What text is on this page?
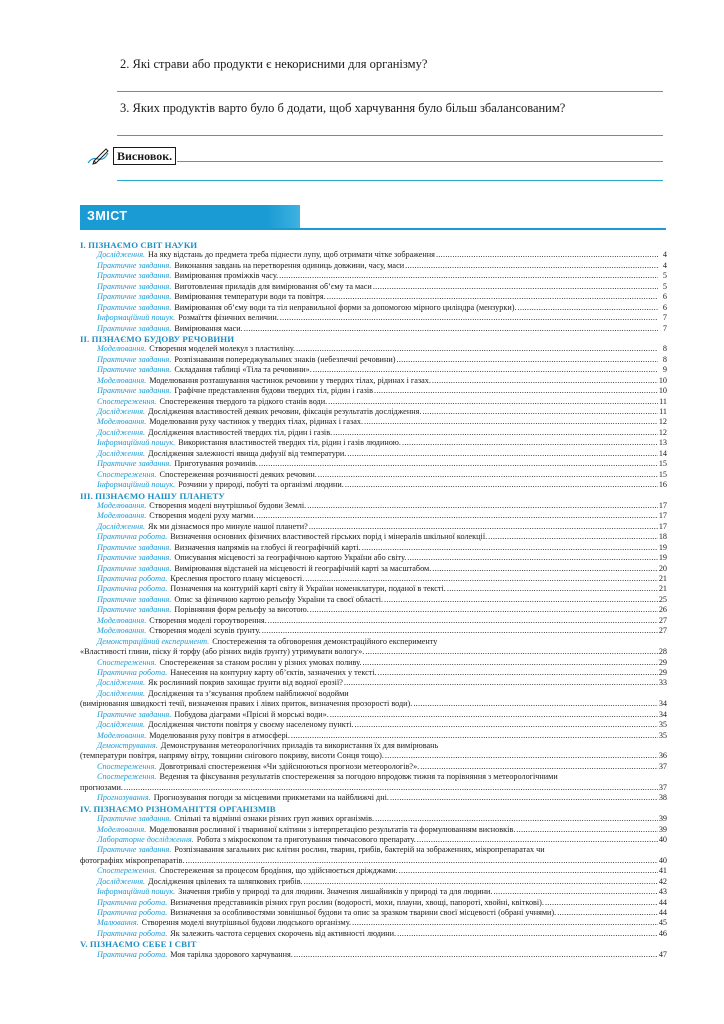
2. Які страви або продукти є некорисними для організму?
3. Яких продуктів варто було б додати, щоб харчування було більш збалансованим?
Висновок.
ЗМІСТ
I. ПІЗНАЄМО СВІТ НАУКИ
Дослідження. На яку відстань до предмета треба піднести лупу, щоб отримати чітке зображення .....	4
Практичне завдання. Виконання завдань на перетворення одиниць довжини, часу, маси .....	4
Практичне завдання. Вимірювання проміжків часу. .....	5
Практичне завдання. Виготовлення приладів для вимірювання об’єму та маси .....	5
Практичне завдання. Вимірювання температури води та повітря. .....	6
Практичне завдання. Вимірювання об’єму води та тіл неправильної форми за допомогою мірного циліндра (мензурки). .....	6
Інформаційний пошук. Розмаїття фізичних величин. .....	7
Практичне завдання. Вимірювання маси. .....	7
II. ПІЗНАЄМО БУДОВУ РЕЧОВИНИ
Моделювання. Створення моделей молекул з пластиліну. .....	8
Практичне завдання. Розпізнавання попереджувальних знаків (небезпечні речовини) .....	8
Практичне завдання. Складання таблиці «Тіла та речовини». .....	9
Моделювання. Моделювання розташування частинок речовини у твердих тілах, рідинах і газах. .....	10
Практичне завдання. Графічне представлення будови твердих тіл, рідин і газів .....	10
Спостереження. Спостереження твердого та рідкого станів води. .....	11
Дослідження. Дослідження властивостей деяких речовин, фіксація результатів дослідження. .....	11
Моделювання. Моделювання руху частинок у твердих тілах, рідинах і газах. .....	12
Дослідження. Дослідження властивостей твердих тіл, рідин і газів. .....	12
Інформаційний пошук. Використання властивостей твердих тіл, рідин і газів людиною. .....	13
Дослідження. Дослідження залежності явища дифузії від температури. .....	14
Практичне завдання. Приготування розчинів. .....	15
Спостереження. Спостереження розчинності деяких речовин. .....	15
Інформаційний пошук. Розчини у природі, побуті та організмі людини. .....	16
III. ПІЗНАЄМО НАШУ ПЛАНЕТУ
Моделювання. Створення моделі внутрішньої будови Землі. .....	17
Моделювання. Створення моделі руху магми. .....	17
Дослідження. Як ми дізнаємося про минуле нашої планети? .....	17
Практична робота. Визначення основних фізичних властивостей гірських порід і мінералів шкільної колекції. .....	18
Практичне завдання. Визначення напрямів на глобусі й географічній карті. .....	19
Практичне завдання. Описування місцевості за географічною картою України або світу. .....	19
Практичне завдання. Вимірювання відстаней на місцевості й географічній карті за масштабом. .....	20
Практична робота. Креслення простого плану місцевості. .....	21
Практична робота. Позначення на контурній карті світу й України номенклатури, поданої в тексті. .....	21
Практичне завдання. Опис за фізичною картою рельєфу України та своєї області. .....	25
Практичне завдання. Порівняння форм рельєфу за висотою. .....	26
Моделювання. Створення моделі гороутворення. .....	27
Моделювання. Створення моделі зсувів ґрунту. .....	27
Демонстраційний експеримент. Спостереження та обговорення демонстраційного експерименту
«Властивості глини, піску й торфу (або різних видів ґрунту) утримувати вологу». .....	28
Спостереження. Спостереження за станом рослин у різних умовах поливу. .....	29
Практична робота. Нанесення на контурну карту об’єктів, зазначених у тексті. .....	29
Дослідження. Як рослинний покрив захищає ґрунти від водної ерозії? .....	33
Дослідження. Дослідження та з’ясування проблем найближчої водойми
(вимірювання швидкості течії, визначення правих і лівих приток, визначення прозорості води). .....	34
Практичне завдання. Побудова діаграми «Прісні й морські води». .....	34
Дослідження. Дослідження чистоти повітря у своєму населеному пункті. .....	35
Моделювання. Моделювання руху повітря в атмосфері. .....	35
Демонстрування. Демонстрування метеорологічних приладів та використання їх для вимірювань
(температури повітря, напряму вітру, товщини снігового покриву, висоти Сонця тощо). .....	36
Спостереження. Довготривалі спостереження «Чи здійснюються прогнози метеорологів?». .....	37
Спостереження. Ведення та фіксування результатів спостереження за погодою впродовж тижня та порівняння з метеорологічними
прогнозами. .....	37
Прогнозування. Прогнозування погоди за місцевими прикметами на найближчі дні. .....	38
IV. ПІЗНАЄМО РІЗНОМАНІТТЯ ОРГАНІЗМІВ
Практичне завдання. Спільні та відмінні ознаки різних груп живих організмів. .....	39
Моделювання. Моделювання рослинної і тваринної клітини з інтерпретацією результатів та формулюванням висновків. .....	39
Лабораторне дослідження. Робота з мікроскопом та приготування тимчасового препарату. .....	40
Практичне завдання. Розпізнавання загальних рис клітин рослин, тварин, грибів, бактерій на зображеннях, мікропрепаратах чи
фотографіях мікропрепаратів. .....	40
Спостереження. Спостереження за процесом бродіння, що здійснюється дріжджами. .....	41
Дослідження. Дослідження цвілевих та шляпкових грибів. .....	42
Інформаційний пошук. Значення грибів у природі та для людини. Значення лишайників у природі та для людини. .....	43
Практична робота. Визначення представників різних груп рослин (водорості, мохи, плауни, хвощі, папороті, хвойні, квіткові). .....	44
Практична робота. Визначення за особливостями зовнішньої будови та опис за зразком тварини своєї місцевості (обрані учнями). .....	44
Малювання. Створення моделі внутрішньої будови людського організму. .....	45
Практична робота. Як залежить частота серцевих скорочень від активності людини. .....	46
V. ПІЗНАЄМО СЕБЕ І СВІТ
Практична робота. Моя тарілка здорового харчування. .....	47
